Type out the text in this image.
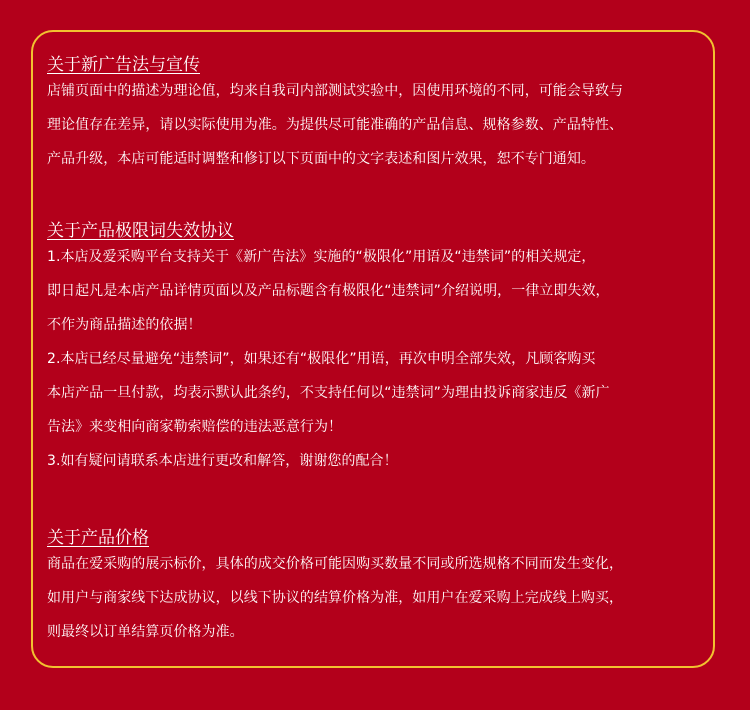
关于新广告法与宣传
店铺页面中的描述为理论值，均来自我司内部测试实验中，因使用环境的不同，可能会导致与
理论值存在差异，请以实际使用为准。为提供尽可能准确的产品信息、规格参数、产品特性、
产品升级，本店可能适时调整和修订以下页面中的文字表述和图片效果，恕不专门通知。
关于产品极限词失效协议
1.本店及爱采购平台支持关于《新广告法》实施的“极限化”用语及“违禁词”的相关规定，
即日起凡是本店产品详情页面以及产品标题含有极限化“违禁词”介绍说明，一律立即失效，
不作为商品描述的依据！
2.本店已经尽量避免“违禁词”，如果还有“极限化”用语，再次申明全部失效，凡顾客购买
本店产品一旦付款，均表示默认此条约，不支持任何以“违禁词”为理由投诉商家违反《新广
告法》来变相向商家勒索赔偿的违法恶意行为！
3.如有疑问请联系本店进行更改和解答，谢谢您的配合！
关于产品价格
商品在爱采购的展示标价，具体的成交价格可能因购买数量不同或所选规格不同而发生变化，
如用户与商家线下达成协议，以线下协议的结算价格为准，如用户在爱采购上完成线上购买，
则最终以订单结算页价格为准。
